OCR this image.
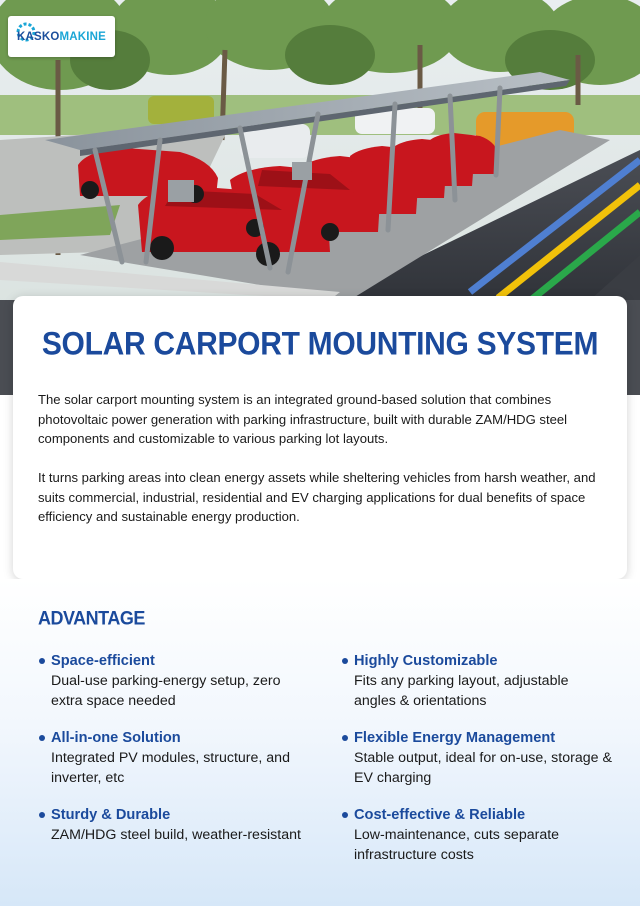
KASKO MAKINE
SOLAR CARPORT MOUNTING SYSTEM

The solar carport mounting system is an integrated ground-based solution that combines photovoltaic power generation with parking infrastructure, built with durable ZAM/HDG steel components and customizable to various parking lot layouts.

It turns parking areas into clean energy assets while sheltering vehicles from harsh weather, and suits commercial, industrial, residential and EV charging applications for dual benefits of space efficiency and sustainable energy production.

ADVANTAGE
Space-efficient
Dual-use parking-energy setup, zero extra space needed
Highly Customizable
Fits any parking layout, adjustable angles & orientations
All-in-one Solution
Integrated PV modules, structure, and inverter, etc
Flexible Energy Management
Stable output, ideal for on-use, storage & EV charging
Sturdy & Durable
ZAM/HDG steel build, weather-resistant
Cost-effective & Reliable
Low-maintenance, cuts separate infrastructure costs
